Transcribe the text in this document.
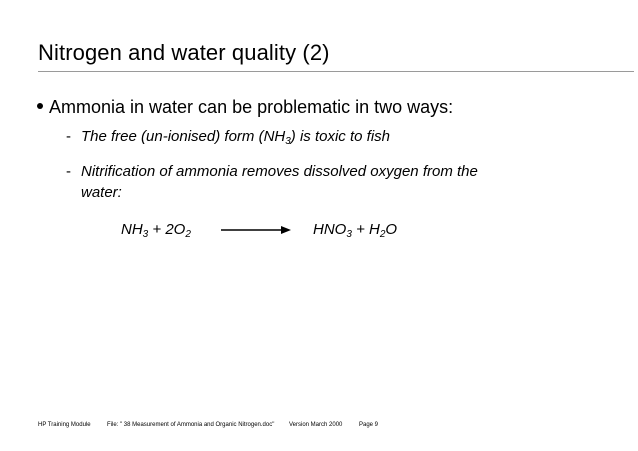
Nitrogen and water quality (2)
Ammonia in water can be problematic in two ways:
- The free (un-ionised) form $(NH_3)$ is toxic to fish
- Nitrification of ammonia removes dissolved oxygen from the
water:
$NH_3 + 2O_2$	$HNO_3 + H_2O$
HP Training Module	File: " 38 Measurement of Ammonia and Organic Nitrogen.doc" Version March 2000	Page 9
